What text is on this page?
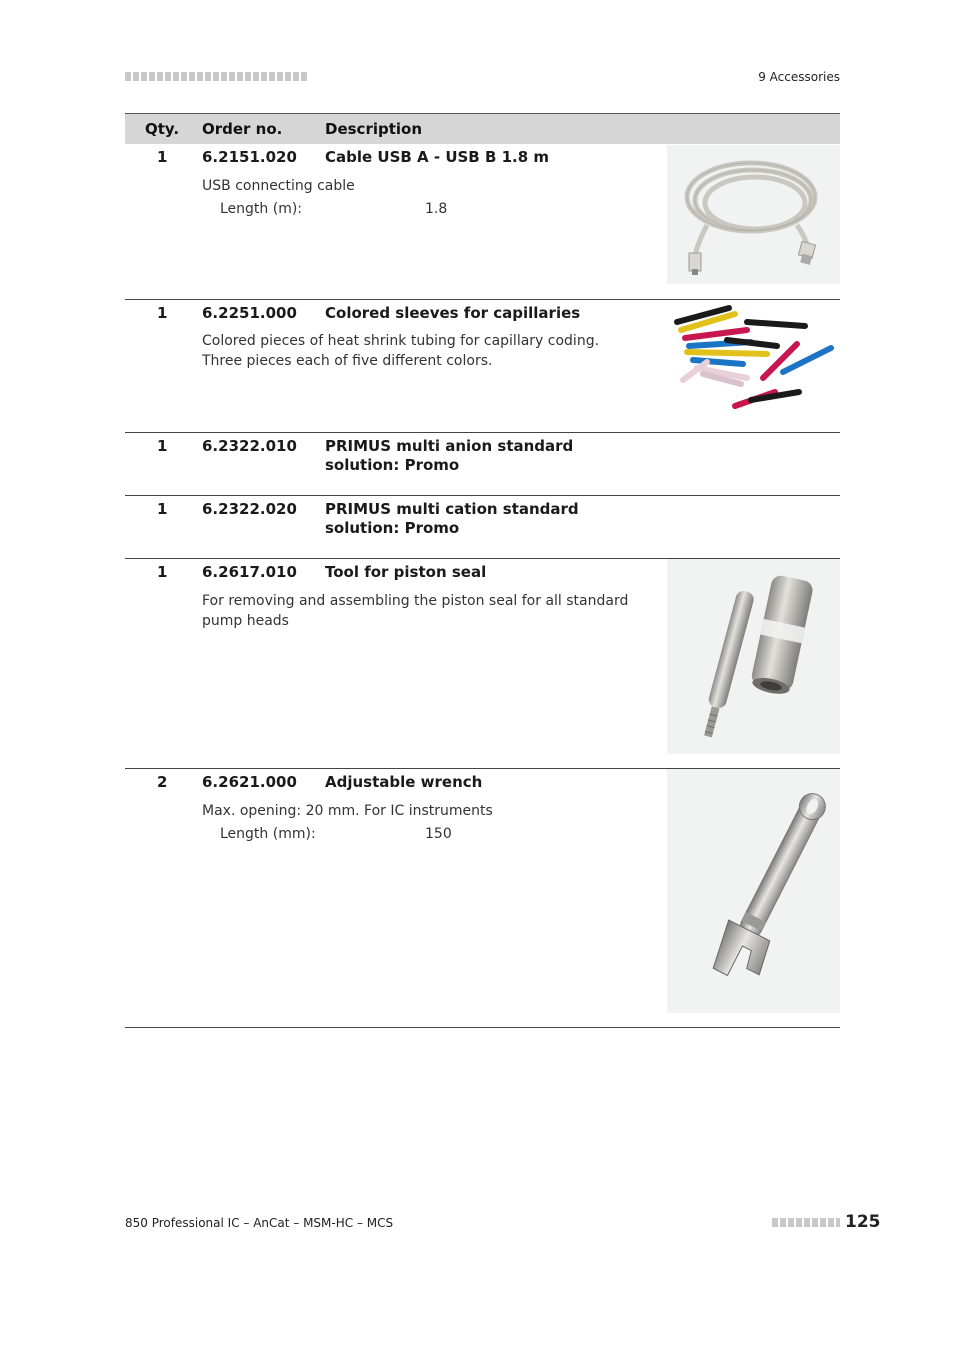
9 Accessories
Qty. Order no.	Description
1 6.2151.020 Cable USB A - USB B 1.8 m
USB connecting cable
Length (m):	1.8
1 6.2251.000 Colored sleeves for capillaries
Colored pieces of heat shrink tubing for capillary coding. Three pieces each of five different colors.
1 6.2322.010 PRIMUS multi anion standard solution: Promo
1 6.2322.020 PRIMUS multi cation standard solution: Promo
1 6.2617.010 Tool for piston seal
For removing and assembling the piston seal for all standard pump heads
2 6.2621.000 Adjustable wrench
Max. opening: 20 mm. For IC instruments
Length (mm):	150
850 Professional IC – AnCat – MSM-HC – MCS	125
